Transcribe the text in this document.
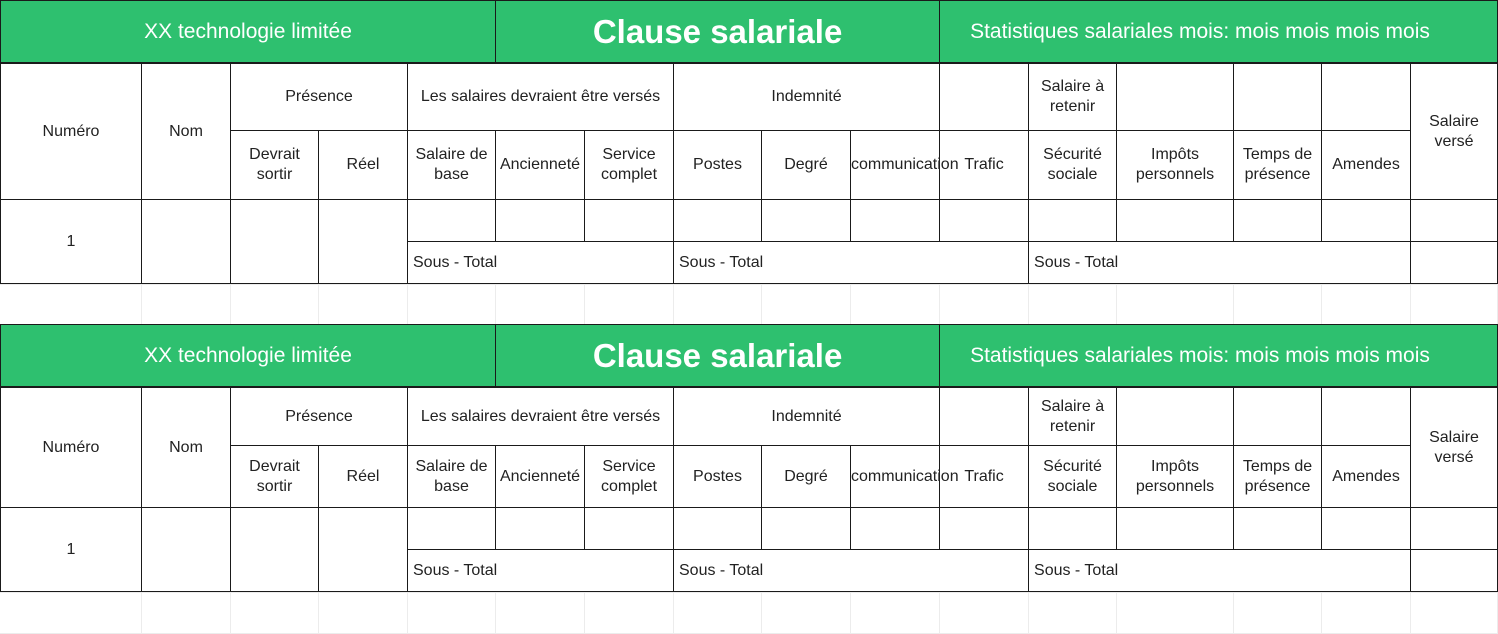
XX technologie limitée	Clause salariale	Statistiques salariales mois: mois mois mois mois
Numéro	Nom	Présence		Les salaires devraient être versés			Indemnité				Salaire à retenir				Salaire versé
		Devrait sortir	Réel	Salaire de base	Ancienneté	Service complet	Postes	Degré	communication	Trafic	Sécurité sociale	Impôts personnels	Temps de présence	Amendes	
1															
				Sous - Total			Sous - Total				Sous - Total				

XX technologie limitée	Clause salariale	Statistiques salariales mois: mois mois mois mois
Numéro	Nom	Présence		Les salaires devraient être versés			Indemnité				Salaire à retenir				Salaire versé
		Devrait sortir	Réel	Salaire de base	Ancienneté	Service complet	Postes	Degré	communication	Trafic	Sécurité sociale	Impôts personnels	Temps de présence	Amendes	
1															
				Sous - Total			Sous - Total				Sous - Total				
